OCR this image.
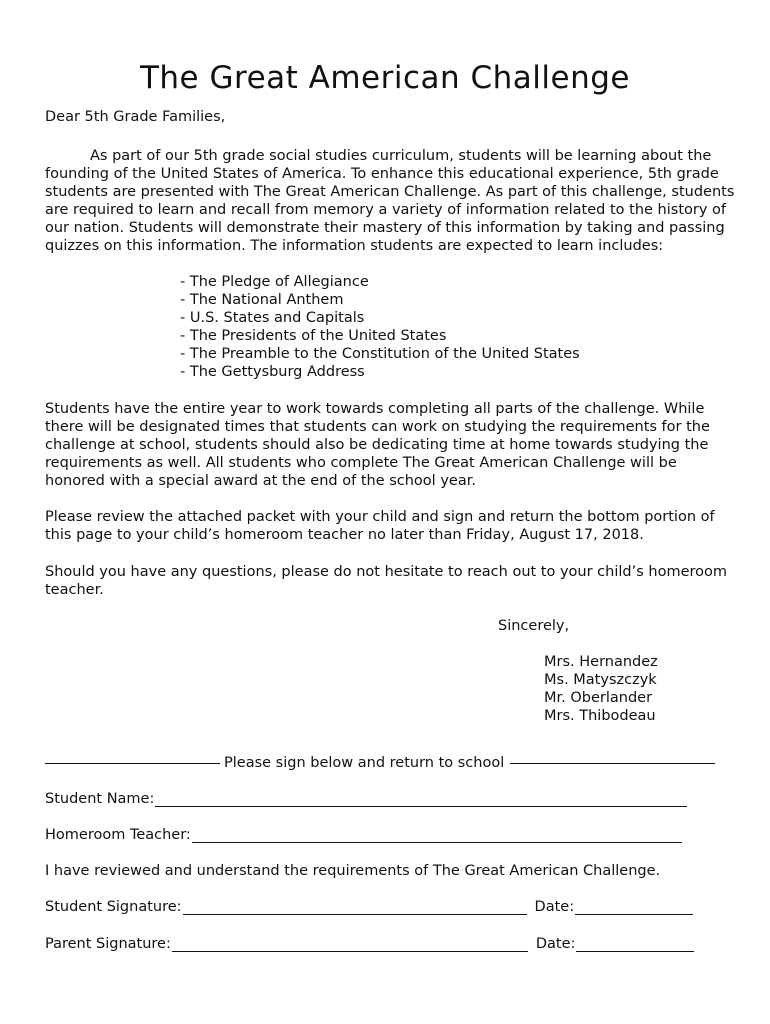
The Great American Challenge
Dear 5th Grade Families,

As part of our 5th grade social studies curriculum, students will be learning about the founding of the United States of America. To enhance this educational experience, 5th grade students are presented with The Great American Challenge. As part of this challenge, students are required to learn and recall from memory a variety of information related to the history of our nation. Students will demonstrate their mastery of this information by taking and passing quizzes on this information. The information students are expected to learn includes:

- The Pledge of Allegiance
- The National Anthem
- U.S. States and Capitals
- The Presidents of the United States
- The Preamble to the Constitution of the United States
- The Gettysburg Address

Students have the entire year to work towards completing all parts of the challenge. While there will be designated times that students can work on studying the requirements for the challenge at school, students should also be dedicating time at home towards studying the requirements as well. All students who complete The Great American Challenge will be honored with a special award at the end of the school year.

Please review the attached packet with your child and sign and return the bottom portion of this page to your child’s homeroom teacher no later than Friday, August 17, 2018.

Should you have any questions, please do not hesitate to reach out to your child’s homeroom teacher.

Sincerely,
Mrs. Hernandez
Ms. Matyszczyk
Mr. Oberlander
Mrs. Thibodeau
Please sign below and return to school
Student Name:
Homeroom Teacher:
I have reviewed and understand the requirements of The Great American Challenge.
Student Signature:	Date:
Parent Signature:	Date:
